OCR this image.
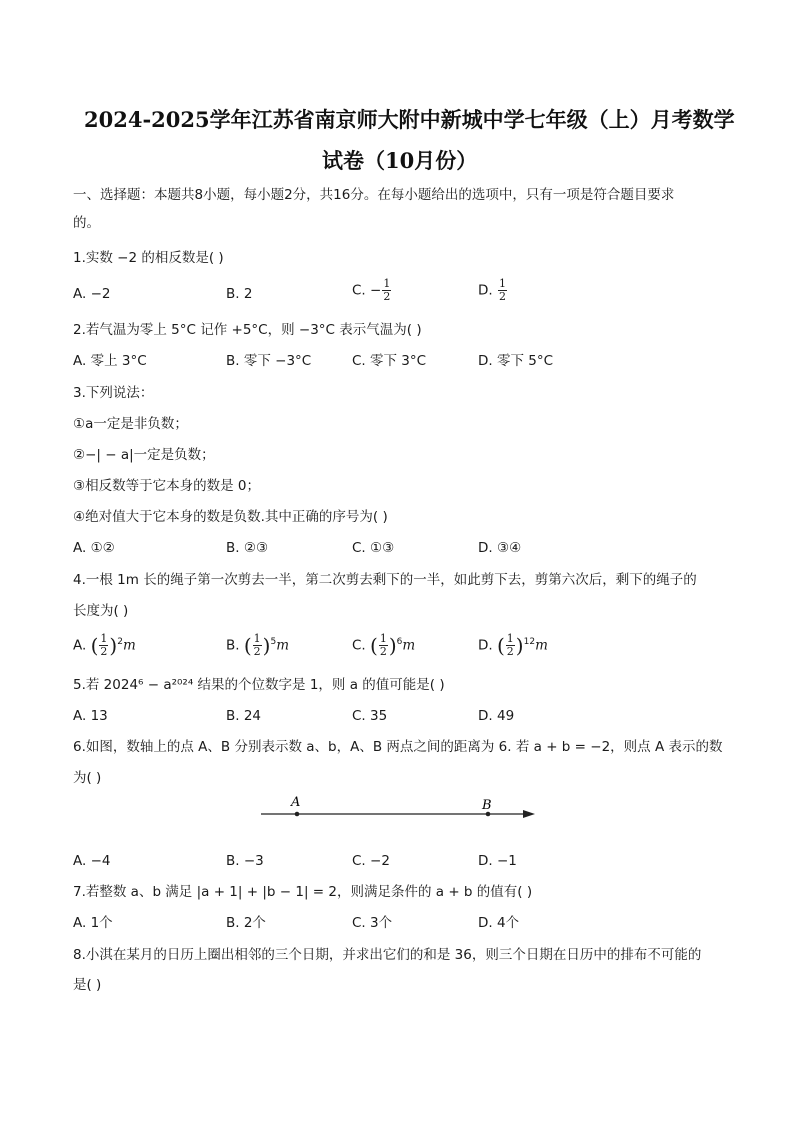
2024-2025学年江苏省南京师大附中新城中学七年级（上）月考数学
试卷（10月份）
一、选择题：本题共8小题，每小题2分，共16分。在每小题给出的选项中，只有一项是符合题目要求
的。
1.实数 −2 的相反数是( )
A. −2	B. 2	C. − $\frac{1}{2}$	D. $\frac{1}{2}$
2.若气温为零上 5°C 记作 +5°C，则 −3°C 表示气温为( )
A. 零上 3°C	B. 零下 −3°C	C. 零下 3°C	D. 零下 5°C
3.下列说法：
①a一定是非负数；
②−| − a|一定是负数；
③相反数等于它本身的数是 0；
④绝对值大于它本身的数是负数.其中正确的序号为( )
A. ①②	B. ②③	C. ①③	D. ③④
4.一根 1m 长的绳子第一次剪去一半，第二次剪去剩下的一半，如此剪下去，剪第六次后，剩下的绳子的
长度为( )
A. ( $\frac{1}{2} )^2m$	B. ( $\frac{1}{2} )^5m$	C. ( $\frac{1}{2} )^6m$	D. ( $\frac{1}{2} )^{12}m$
5.若 2024⁶ − a²⁰²⁴ 结果的个位数字是 1，则 a 的值可能是( )
A. 13	B. 24	C. 35	D. 49
6.如图，数轴上的点 A、B 分别表示数 a、b，A、B 两点之间的距离为 6. 若 a + b = −2，则点 A 表示的数
为( )
A	B
A. −4	B. −3	C. −2	D. −1
7.若整数 a、b 满足 |a + 1| + |b − 1| = 2，则满足条件的 a + b 的值有( )
A. 1个	B. 2个	C. 3个	D. 4个
8.小淇在某月的日历上圈出相邻的三个日期，并求出它们的和是 36，则三个日期在日历中的排布不可能的
是( )
